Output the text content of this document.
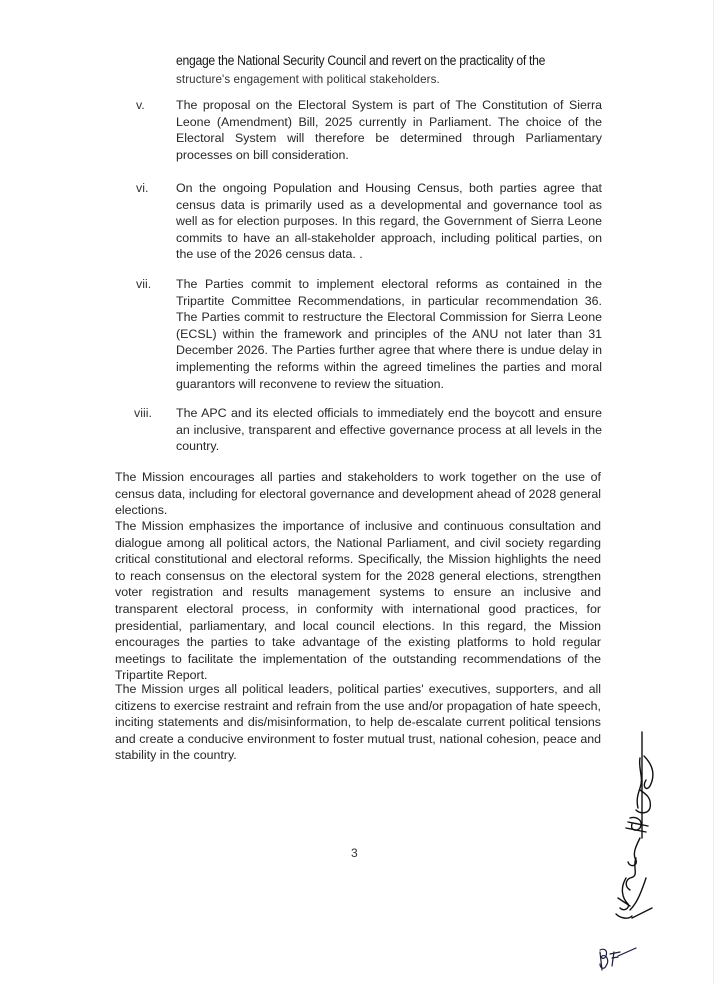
engage the National Security Council and revert on the practicality of the
structure's engagement with political stakeholders.
v.	The proposal on the Electoral System is part of The Constitution of Sierra Leone (Amendment) Bill, 2025 currently in Parliament. The choice of the Electoral System will therefore be determined through Parliamentary processes on bill consideration.
vi.	On the ongoing Population and Housing Census, both parties agree that census data is primarily used as a developmental and governance tool as well as for election purposes. In this regard, the Government of Sierra Leone commits to have an all-stakeholder approach, including political parties, on the use of the 2026 census data. .
vii.	The Parties commit to implement electoral reforms as contained in the Tripartite Committee Recommendations, in particular recommendation 36. The Parties commit to restructure the Electoral Commission for Sierra Leone (ECSL) within the framework and principles of the ANU not later than 31 December 2026. The Parties further agree that where there is undue delay in implementing the reforms within the agreed timelines the parties and moral guarantors will reconvene to review the situation.
viii.	The APC and its elected officials to immediately end the boycott and ensure an inclusive, transparent and effective governance process at all levels in the country.
The Mission encourages all parties and stakeholders to work together on the use of census data, including for electoral governance and development ahead of 2028 general elections.
The Mission emphasizes the importance of inclusive and continuous consultation and dialogue among all political actors, the National Parliament, and civil society regarding critical constitutional and electoral reforms. Specifically, the Mission highlights the need to reach consensus on the electoral system for the 2028 general elections, strengthen voter registration and results management systems to ensure an inclusive and transparent electoral process, in conformity with international good practices, for presidential, parliamentary, and local council elections. In this regard, the Mission encourages the parties to take advantage of the existing platforms to hold regular meetings to facilitate the implementation of the outstanding recommendations of the Tripartite Report.
The Mission urges all political leaders, political parties' executives, supporters, and all citizens to exercise restraint and refrain from the use and/or propagation of hate speech, inciting statements and dis/misinformation, to help de-escalate current political tensions and create a conducive environment to foster mutual trust, national cohesion, peace and stability in the country.
3
